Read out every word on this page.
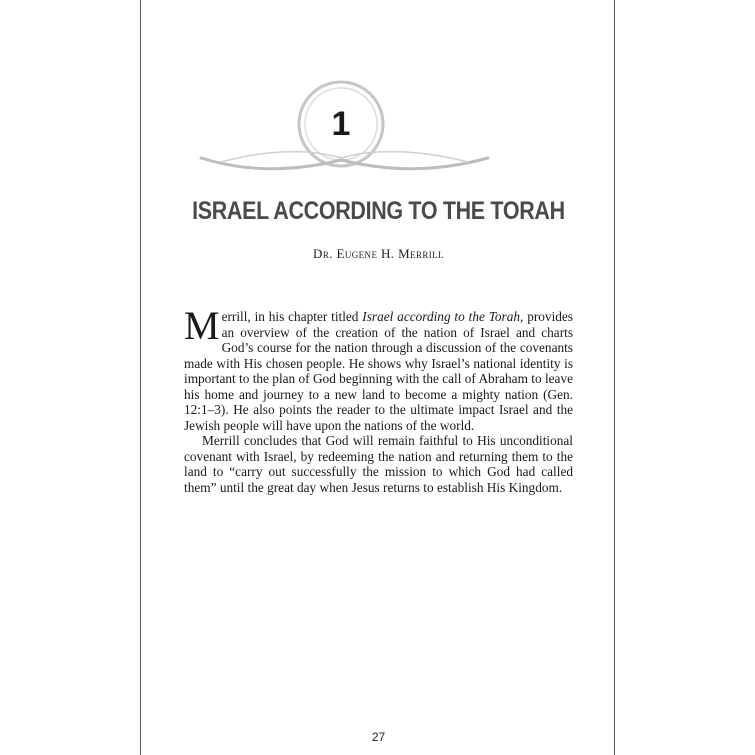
1
ISRAEL ACCORDING TO THE TORAH
Dr. Eugene H. Merrill

Merrill, in his chapter titled Israel according to the Torah, provides an overview of the creation of the nation of Israel and charts God’s course for the nation through a discussion of the covenants made with His chosen people. He shows why Israel’s national identity is important to the plan of God beginning with the call of Abraham to leave his home and journey to a new land to become a mighty nation (Gen. 12:1–3). He also points the reader to the ultimate impact Israel and the Jewish people will have upon the nations of the world.

Merrill concludes that God will remain faithful to His unconditional covenant with Israel, by redeeming the nation and returning them to the land to “carry out successfully the mission to which God had called them” until the great day when Jesus returns to establish His Kingdom.

27
